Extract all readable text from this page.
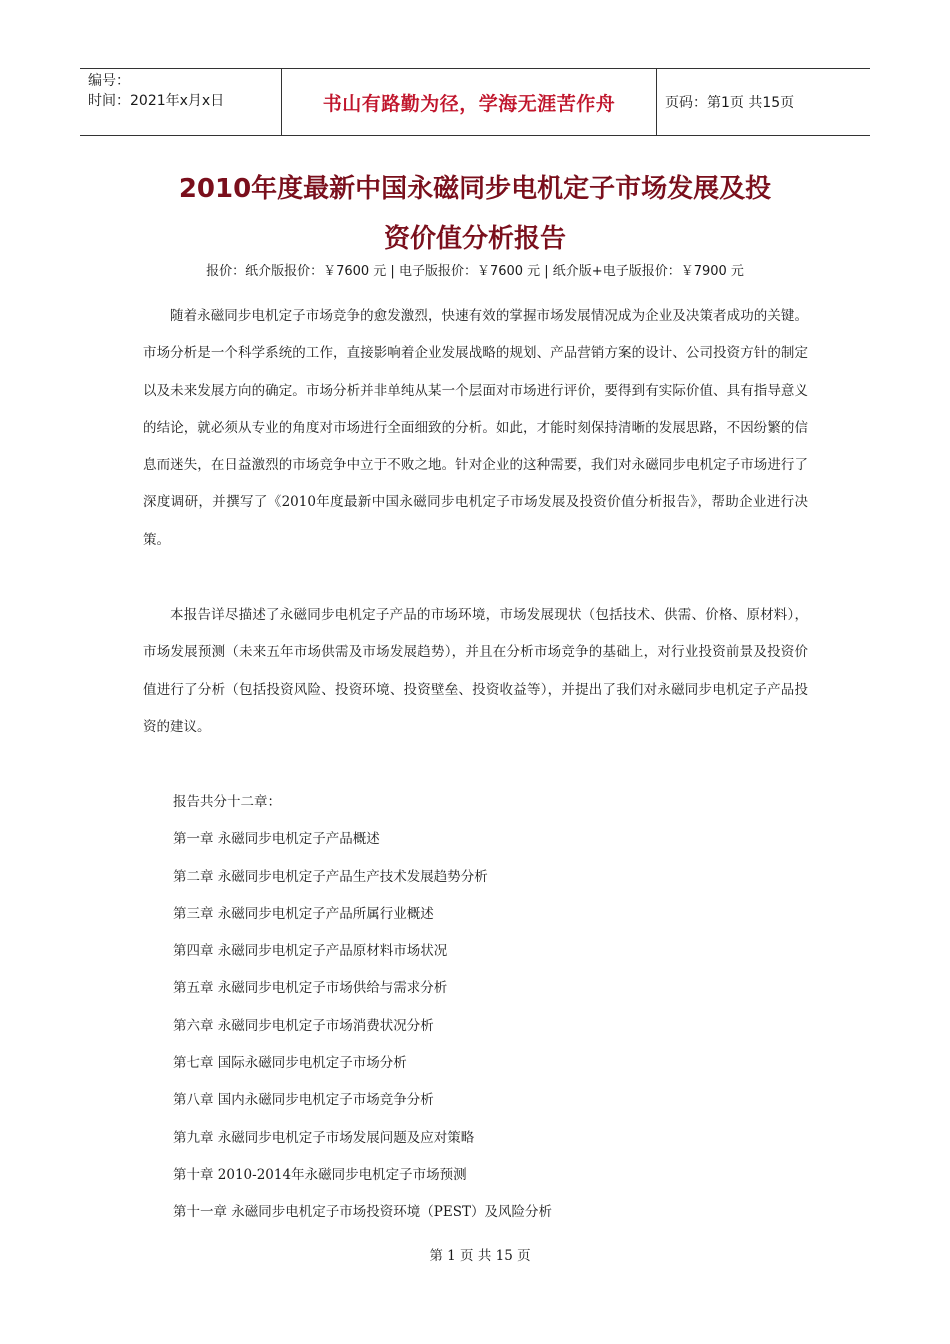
编号：
时间：2021年x月x日	书山有路勤为径，学海无涯苦作舟	页码：第1页 共15页
2010年度最新中国永磁同步电机定子市场发展及投
资价值分析报告
报价：纸介版报价：￥7600 元 | 电子版报价：￥7600 元 | 纸介版+电子版报价：￥7900 元

随着永磁同步电机定子市场竞争的愈发激烈，快速有效的掌握市场发展情况成为企业及决策者成功的关键。市场分析是一个科学系统的工作，直接影响着企业发展战略的规划、产品营销方案的设计、公司投资方针的制定以及未来发展方向的确定。市场分析并非单纯从某一个层面对市场进行评价，要得到有实际价值、具有指导意义的结论，就必须从专业的角度对市场进行全面细致的分析。如此，才能时刻保持清晰的发展思路，不因纷繁的信息而迷失，在日益激烈的市场竞争中立于不败之地。针对企业的这种需要，我们对永磁同步电机定子市场进行了深度调研，并撰写了《2010年度最新中国永磁同步电机定子市场发展及投资价值分析报告》，帮助企业进行决策。

本报告详尽描述了永磁同步电机定子产品的市场环境，市场发展现状（包括技术、供需、价格、原材料），市场发展预测（未来五年市场供需及市场发展趋势），并且在分析市场竞争的基础上，对行业投资前景及投资价值进行了分析（包括投资风险、投资环境、投资壁垒、投资收益等），并提出了我们对永磁同步电机定子产品投资的建议。

报告共分十二章：
第一章 永磁同步电机定子产品概述
第二章 永磁同步电机定子产品生产技术发展趋势分析
第三章 永磁同步电机定子产品所属行业概述
第四章 永磁同步电机定子产品原材料市场状况
第五章 永磁同步电机定子市场供给与需求分析
第六章 永磁同步电机定子市场消费状况分析
第七章 国际永磁同步电机定子市场分析
第八章 国内永磁同步电机定子市场竞争分析
第九章 永磁同步电机定子市场发展问题及应对策略
第十章 2010-2014年永磁同步电机定子市场预测
第十一章 永磁同步电机定子市场投资环境（PEST）及风险分析
第 1 页 共 15 页
